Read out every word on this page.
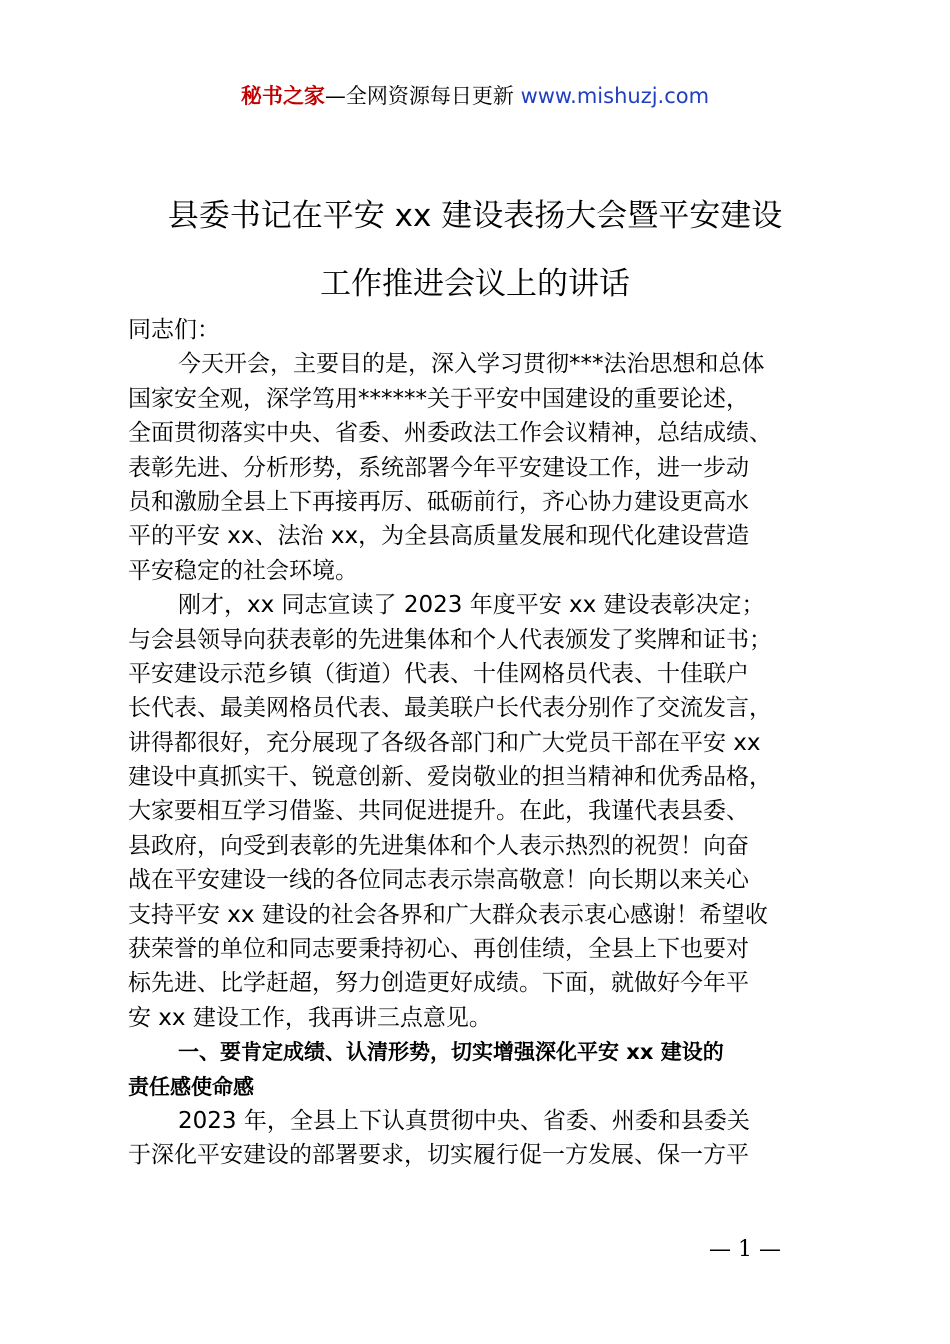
秘书之家—全网资源每日更新 www.mishuzj.com
县委书记在平安 xx 建设表扬大会暨平安建设
工作推进会议上的讲话
同志们：
今天开会，主要目的是，深入学习贯彻***法治思想和总体
国家安全观，深学笃用******关于平安中国建设的重要论述，
全面贯彻落实中央、省委、州委政法工作会议精神，总结成绩、
表彰先进、分析形势，系统部署今年平安建设工作，进一步动
员和激励全县上下再接再厉、砥砺前行，齐心协力建设更高水
平的平安 xx、法治 xx，为全县高质量发展和现代化建设营造
平安稳定的社会环境。
刚才，xx 同志宣读了 2023 年度平安 xx 建设表彰决定；
与会县领导向获表彰的先进集体和个人代表颁发了奖牌和证书；
平安建设示范乡镇（街道）代表、十佳网格员代表、十佳联户
长代表、最美网格员代表、最美联户长代表分别作了交流发言，
讲得都很好，充分展现了各级各部门和广大党员干部在平安 xx
建设中真抓实干、锐意创新、爱岗敬业的担当精神和优秀品格，
大家要相互学习借鉴、共同促进提升。在此，我谨代表县委、
县政府，向受到表彰的先进集体和个人表示热烈的祝贺！向奋
战在平安建设一线的各位同志表示崇高敬意！向长期以来关心
支持平安 xx 建设的社会各界和广大群众表示衷心感谢！希望收
获荣誉的单位和同志要秉持初心、再创佳绩，全县上下也要对
标先进、比学赶超，努力创造更好成绩。下面，就做好今年平
安 xx 建设工作，我再讲三点意见。
一、要肯定成绩、认清形势，切实增强深化平安 xx 建设的
责任感使命感
2023 年，全县上下认真贯彻中央、省委、州委和县委关
于深化平安建设的部署要求，切实履行促一方发展、保一方平
— 1 —
